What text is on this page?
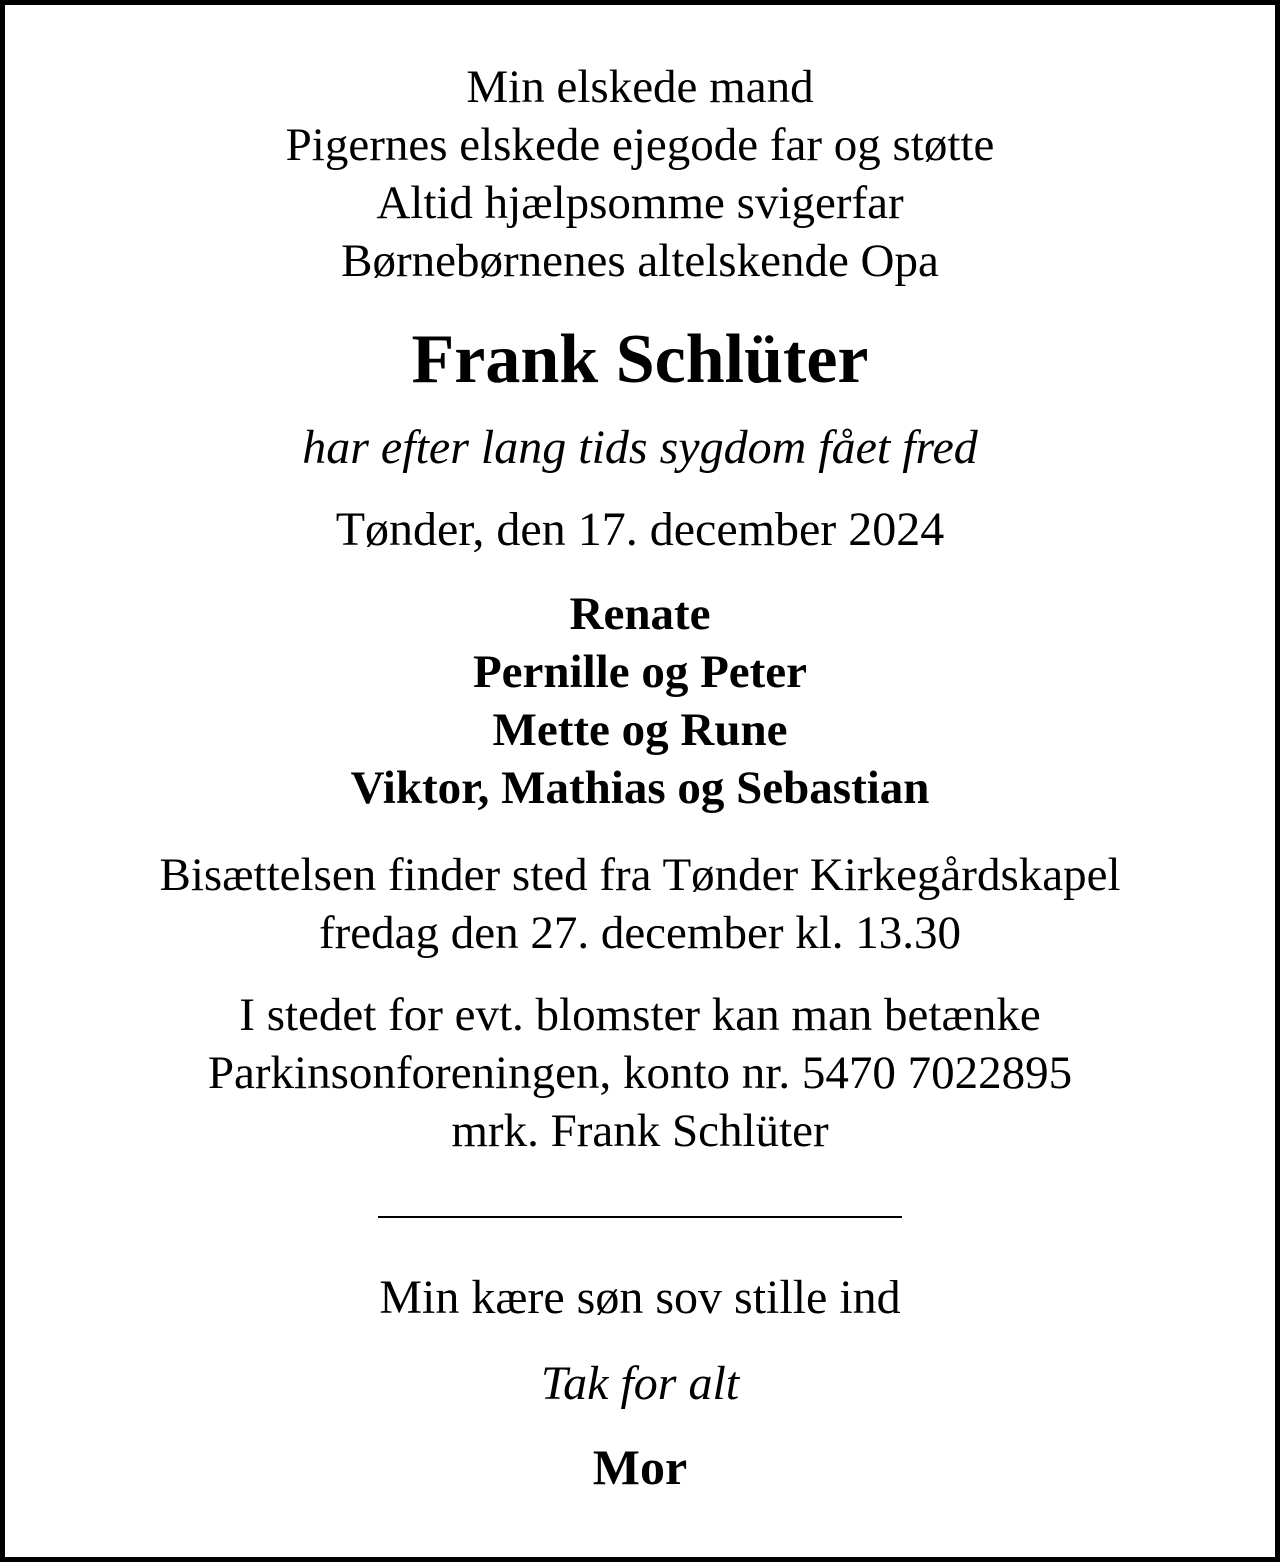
Min elskede mand
Pigernes elskede ejegode far og støtte
Altid hjælpsomme svigerfar
Børnebørnenes altelskende Opa
Frank Schlüter
har efter lang tids sygdom fået fred
Tønder, den 17. december 2024
Renate
Pernille og Peter
Mette og Rune
Viktor, Mathias og Sebastian
Bisættelsen finder sted fra Tønder Kirkegårdskapel
fredag den 27. december kl. 13.30
I stedet for evt. blomster kan man betænke
Parkinsonforeningen, konto nr. 5470 7022895
mrk. Frank Schlüter
Min kære søn sov stille ind
Tak for alt
Mor
